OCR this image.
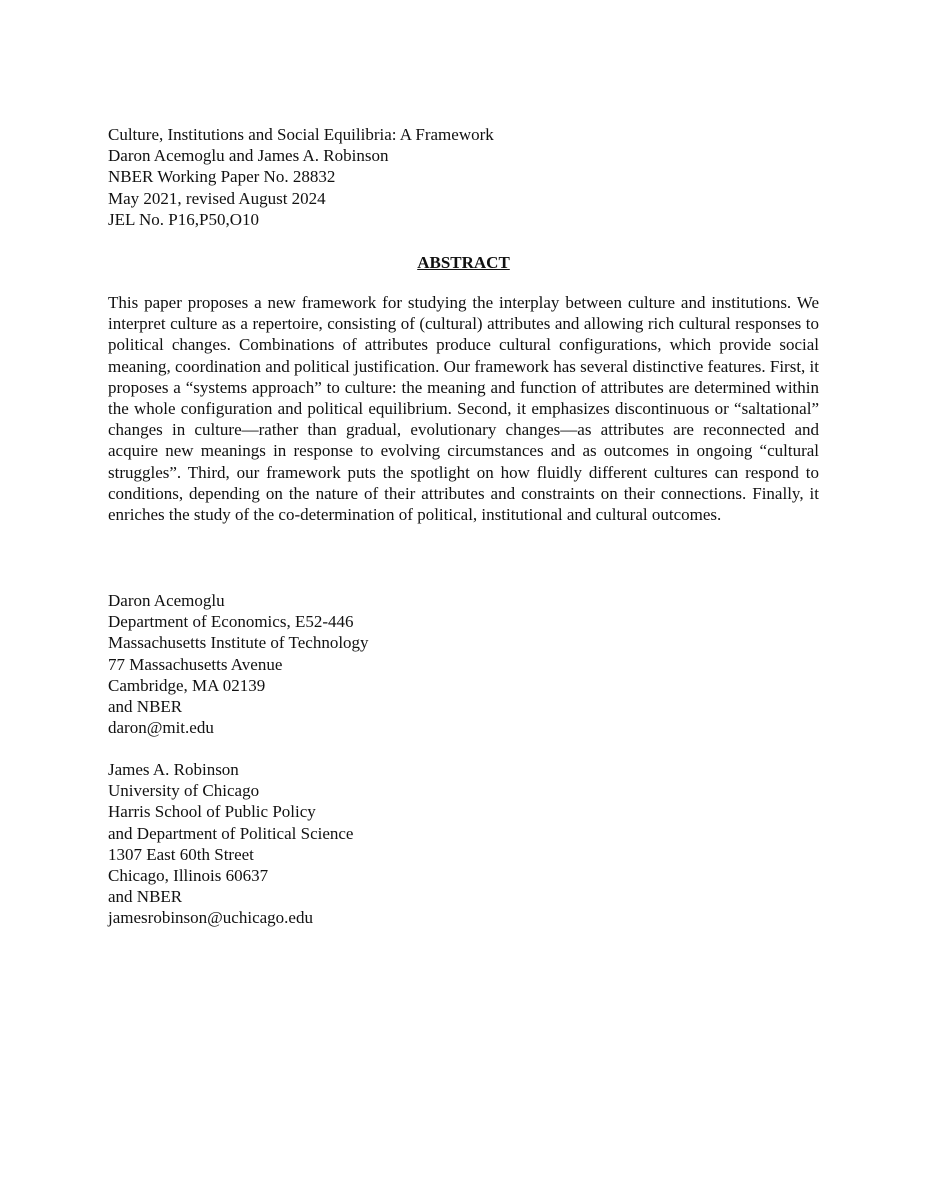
Culture, Institutions and Social Equilibria: A Framework
Daron Acemoglu and James A. Robinson
NBER Working Paper No. 28832
May 2021, revised August 2024
JEL No. P16,P50,O10
ABSTRACT
This paper proposes a new framework for studying the interplay between culture and institutions. We interpret culture as a repertoire, consisting of (cultural) attributes and allowing rich cultural responses to political changes. Combinations of attributes produce cultural configurations, which provide social meaning, coordination and political justification. Our framework has several distinctive features. First, it proposes a “systems approach” to culture: the meaning and function of attributes are determined within the whole configuration and political equilibrium. Second, it emphasizes discontinuous or “saltational” changes in culture—rather than gradual, evolutionary changes—as attributes are reconnected and acquire new meanings in response to evolving circumstances and as outcomes in ongoing “cultural struggles”. Third, our framework puts the spotlight on how fluidly different cultures can respond to conditions, depending on the nature of their attributes and constraints on their connections. Finally, it enriches the study of the co-determination of political, institutional and cultural outcomes.
Daron Acemoglu
Department of Economics, E52-446
Massachusetts Institute of Technology
77 Massachusetts Avenue
Cambridge, MA 02139
and NBER
daron@mit.edu
James A. Robinson
University of Chicago
Harris School of Public Policy
and Department of Political Science
1307 East 60th Street
Chicago, Illinois 60637
and NBER
jamesrobinson@uchicago.edu
